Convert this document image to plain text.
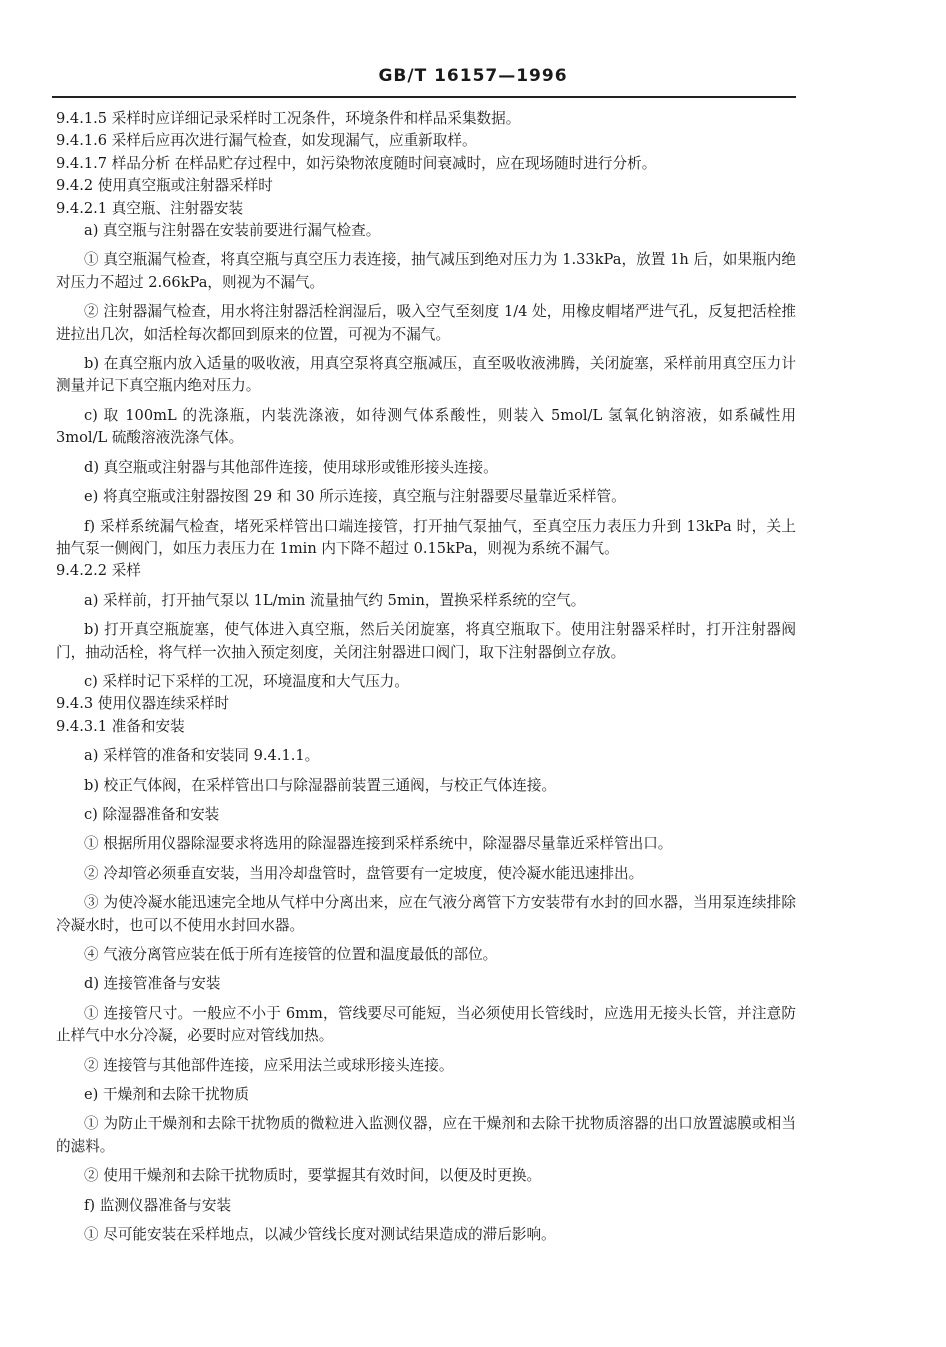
GB/T 16157—1996
9.4.1.5 采样时应详细记录采样时工况条件，环境条件和样品采集数据。
9.4.1.6 采样后应再次进行漏气检查，如发现漏气，应重新取样。
9.4.1.7 样品分析 在样品贮存过程中，如污染物浓度随时间衰减时，应在现场随时进行分析。
9.4.2 使用真空瓶或注射器采样时
9.4.2.1 真空瓶、注射器安装
a) 真空瓶与注射器在安装前要进行漏气检查。
① 真空瓶漏气检查，将真空瓶与真空压力表连接，抽气减压到绝对压力为 1.33kPa，放置 1h 后，如果瓶内绝对压力不超过 2.66kPa，则视为不漏气。
② 注射器漏气检查，用水将注射器活栓润湿后，吸入空气至刻度 1/4 处，用橡皮帽堵严进气孔，反复把活栓推进拉出几次，如活栓每次都回到原来的位置，可视为不漏气。
b) 在真空瓶内放入适量的吸收液，用真空泵将真空瓶减压，直至吸收液沸腾，关闭旋塞，采样前用真空压力计测量并记下真空瓶内绝对压力。
c) 取 100mL 的洗涤瓶，内装洗涤液，如待测气体系酸性，则装入 5mol/L 氢氧化钠溶液，如系碱性用 3mol/L 硫酸溶液洗涤气体。
d) 真空瓶或注射器与其他部件连接，使用球形或锥形接头连接。
e) 将真空瓶或注射器按图 29 和 30 所示连接，真空瓶与注射器要尽量靠近采样管。
f) 采样系统漏气检查，堵死采样管出口端连接管，打开抽气泵抽气，至真空压力表压力升到 13kPa 时，关上抽气泵一侧阀门，如压力表压力在 1min 内下降不超过 0.15kPa，则视为系统不漏气。
9.4.2.2 采样
a) 采样前，打开抽气泵以 1L/min 流量抽气约 5min，置换采样系统的空气。
b) 打开真空瓶旋塞，使气体进入真空瓶，然后关闭旋塞，将真空瓶取下。使用注射器采样时，打开注射器阀门，抽动活栓，将气样一次抽入预定刻度，关闭注射器进口阀门，取下注射器倒立存放。
c) 采样时记下采样的工况，环境温度和大气压力。
9.4.3 使用仪器连续采样时
9.4.3.1 准备和安装
a) 采样管的准备和安装同 9.4.1.1。
b) 校正气体阀，在采样管出口与除湿器前装置三通阀，与校正气体连接。
c) 除湿器准备和安装
① 根据所用仪器除湿要求将选用的除湿器连接到采样系统中，除湿器尽量靠近采样管出口。
② 冷却管必须垂直安装，当用冷却盘管时，盘管要有一定坡度，使冷凝水能迅速排出。
③ 为使冷凝水能迅速完全地从气样中分离出来，应在气液分离管下方安装带有水封的回水器，当用泵连续排除冷凝水时，也可以不使用水封回水器。
④ 气液分离管应装在低于所有连接管的位置和温度最低的部位。
d) 连接管准备与安装
① 连接管尺寸。一般应不小于 6mm，管线要尽可能短，当必须使用长管线时，应选用无接头长管，并注意防止样气中水分冷凝，必要时应对管线加热。
② 连接管与其他部件连接，应采用法兰或球形接头连接。
e) 干燥剂和去除干扰物质
① 为防止干燥剂和去除干扰物质的微粒进入监测仪器，应在干燥剂和去除干扰物质溶器的出口放置滤膜或相当的滤料。
② 使用干燥剂和去除干扰物质时，要掌握其有效时间，以便及时更换。
f) 监测仪器准备与安装
① 尽可能安装在采样地点，以减少管线长度对测试结果造成的滞后影响。
